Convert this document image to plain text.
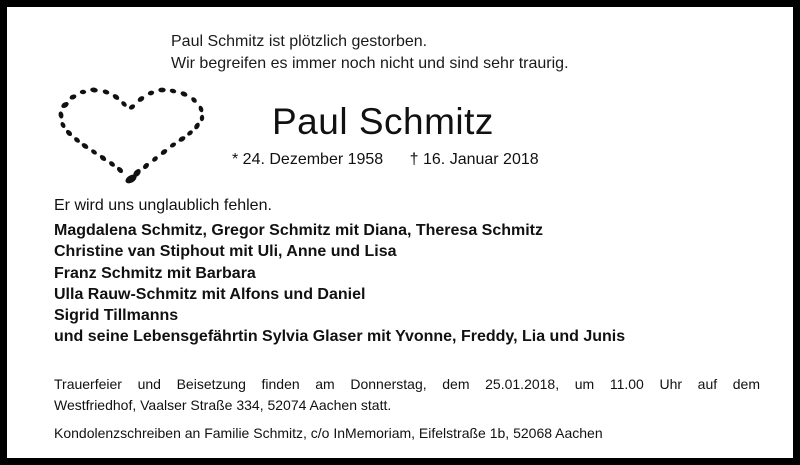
Paul Schmitz ist plötzlich gestorben.
Wir begreifen es immer noch nicht und sind sehr traurig.
Paul Schmitz
* 24. Dezember 1958 † 16. Januar 2018
Er wird uns unglaublich fehlen.
Magdalena Schmitz, Gregor Schmitz mit Diana, Theresa Schmitz
Christine van Stiphout mit Uli, Anne und Lisa
Franz Schmitz mit Barbara
Ulla Rauw-Schmitz mit Alfons und Daniel
Sigrid Tillmanns
und seine Lebensgefährtin Sylvia Glaser mit Yvonne, Freddy, Lia und Junis
Trauerfeier und Beisetzung finden am Donnerstag, dem 25.01.2018, um 11.00 Uhr auf dem
Westfriedhof, Vaalser Straße 334, 52074 Aachen statt.
Kondolenzschreiben an Familie Schmitz, c/o InMemoriam, Eifelstraße 1b, 52068 Aachen
